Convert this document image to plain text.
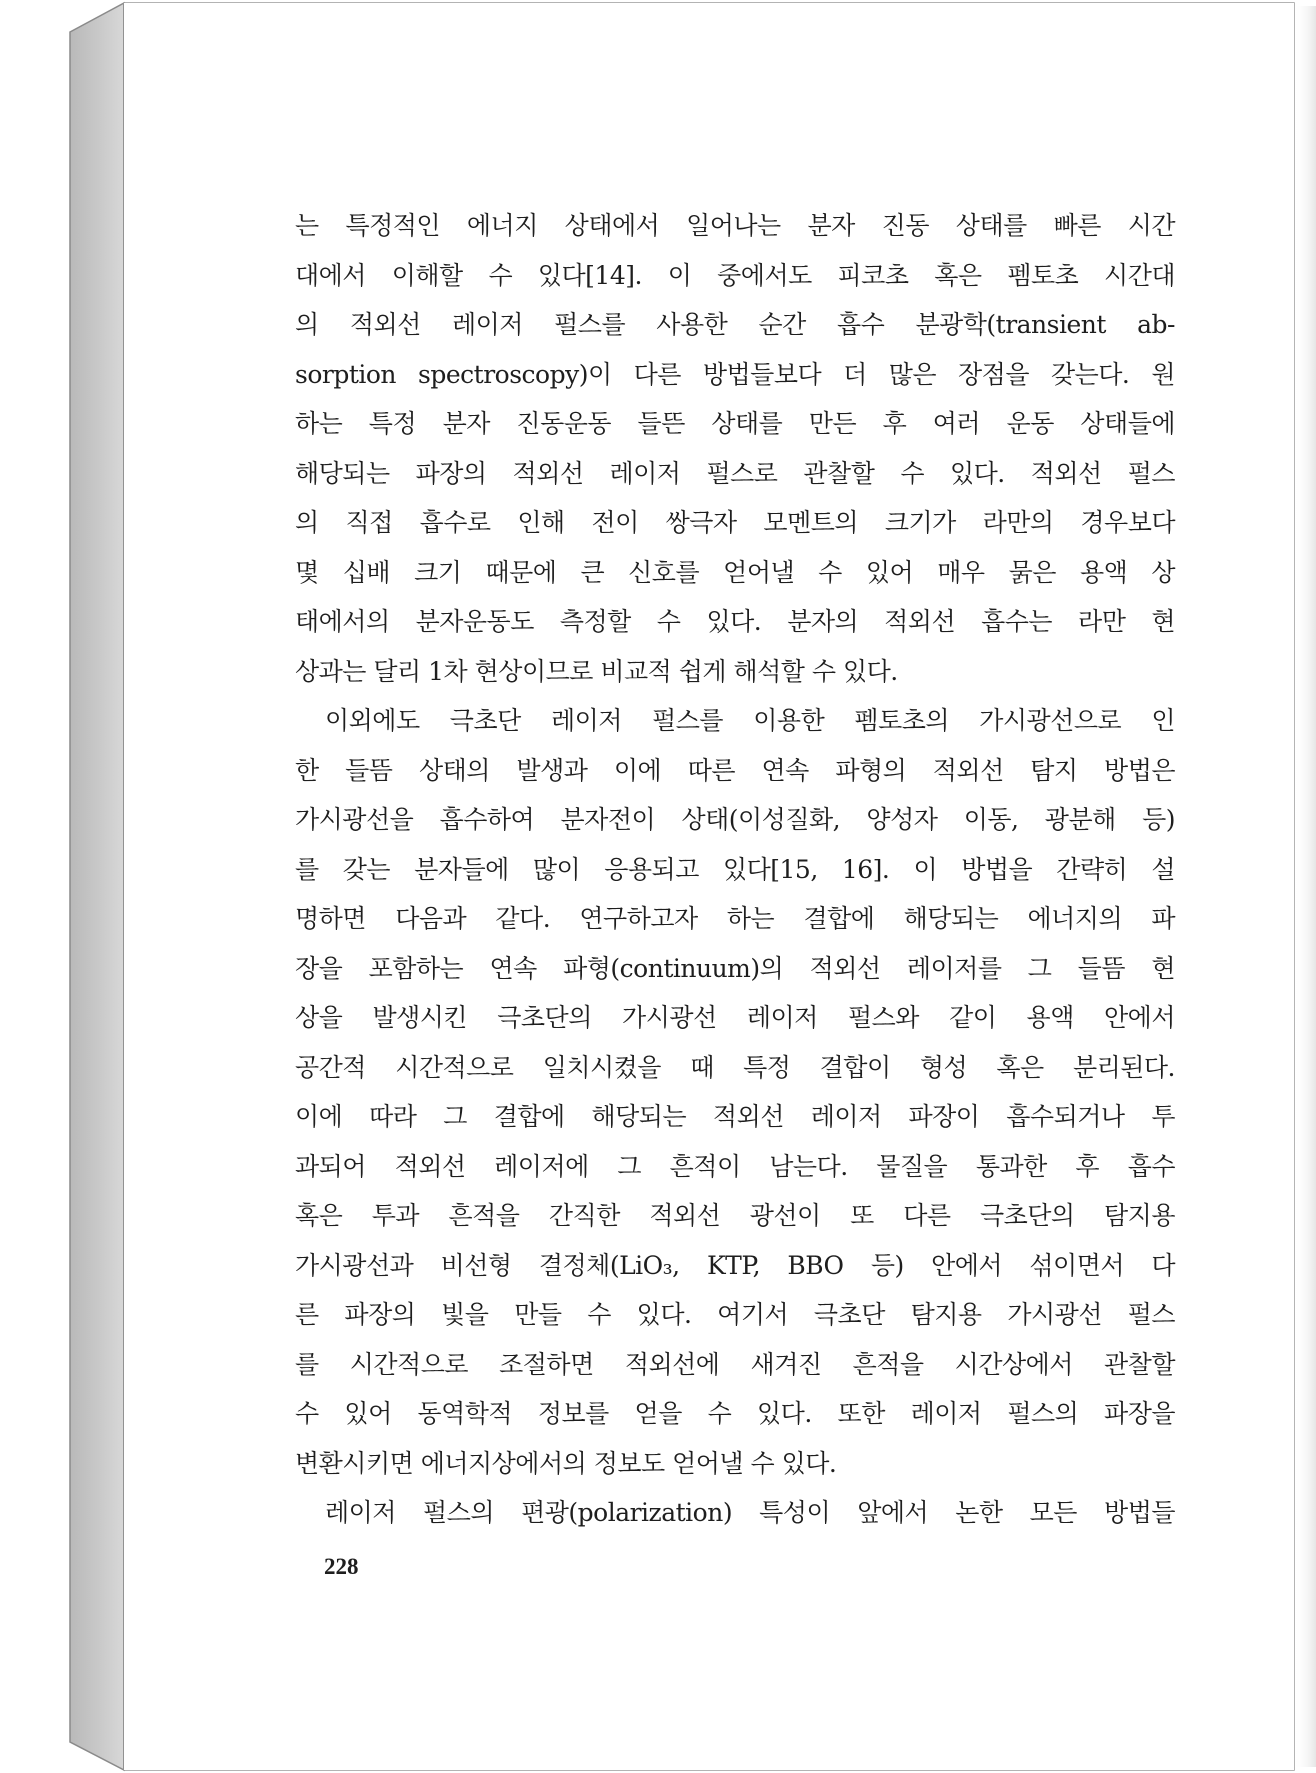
는 특정적인 에너지 상태에서 일어나는 분자 진동 상태를 빠른 시간
대에서 이해할 수 있다[14]. 이 중에서도 피코초 혹은 펨토초 시간대
의 적외선 레이저 펄스를 사용한 순간 흡수 분광학(transient ab-
sorption spectroscopy)이 다른 방법들보다 더 많은 장점을 갖는다. 원
하는 특정 분자 진동운동 들뜬 상태를 만든 후 여러 운동 상태들에
해당되는 파장의 적외선 레이저 펄스로 관찰할 수 있다. 적외선 펄스
의 직접 흡수로 인해 전이 쌍극자 모멘트의 크기가 라만의 경우보다
몇 십배 크기 때문에 큰 신호를 얻어낼 수 있어 매우 묽은 용액 상
태에서의 분자운동도 측정할 수 있다. 분자의 적외선 흡수는 라만 현
상과는 달리 1차 현상이므로 비교적 쉽게 해석할 수 있다.
이외에도 극초단 레이저 펄스를 이용한 펨토초의 가시광선으로 인
한 들뜸 상태의 발생과 이에 따른 연속 파형의 적외선 탐지 방법은
가시광선을 흡수하여 분자전이 상태(이성질화, 양성자 이동, 광분해 등)
를 갖는 분자들에 많이 응용되고 있다[15, 16]. 이 방법을 간략히 설
명하면 다음과 같다. 연구하고자 하는 결합에 해당되는 에너지의 파
장을 포함하는 연속 파형(continuum)의 적외선 레이저를 그 들뜸 현
상을 발생시킨 극초단의 가시광선 레이저 펄스와 같이 용액 안에서
공간적 시간적으로 일치시켰을 때 특정 결합이 형성 혹은 분리된다.
이에 따라 그 결합에 해당되는 적외선 레이저 파장이 흡수되거나 투
과되어 적외선 레이저에 그 흔적이 남는다. 물질을 통과한 후 흡수
혹은 투과 흔적을 간직한 적외선 광선이 또 다른 극초단의 탐지용
가시광선과 비선형 결정체(LiO₃, KTP, BBO 등) 안에서 섞이면서 다
른 파장의 빛을 만들 수 있다. 여기서 극초단 탐지용 가시광선 펄스
를 시간적으로 조절하면 적외선에 새겨진 흔적을 시간상에서 관찰할
수 있어 동역학적 정보를 얻을 수 있다. 또한 레이저 펄스의 파장을
변환시키면 에너지상에서의 정보도 얻어낼 수 있다.
레이저 펄스의 편광(polarization) 특성이 앞에서 논한 모든 방법들
228
